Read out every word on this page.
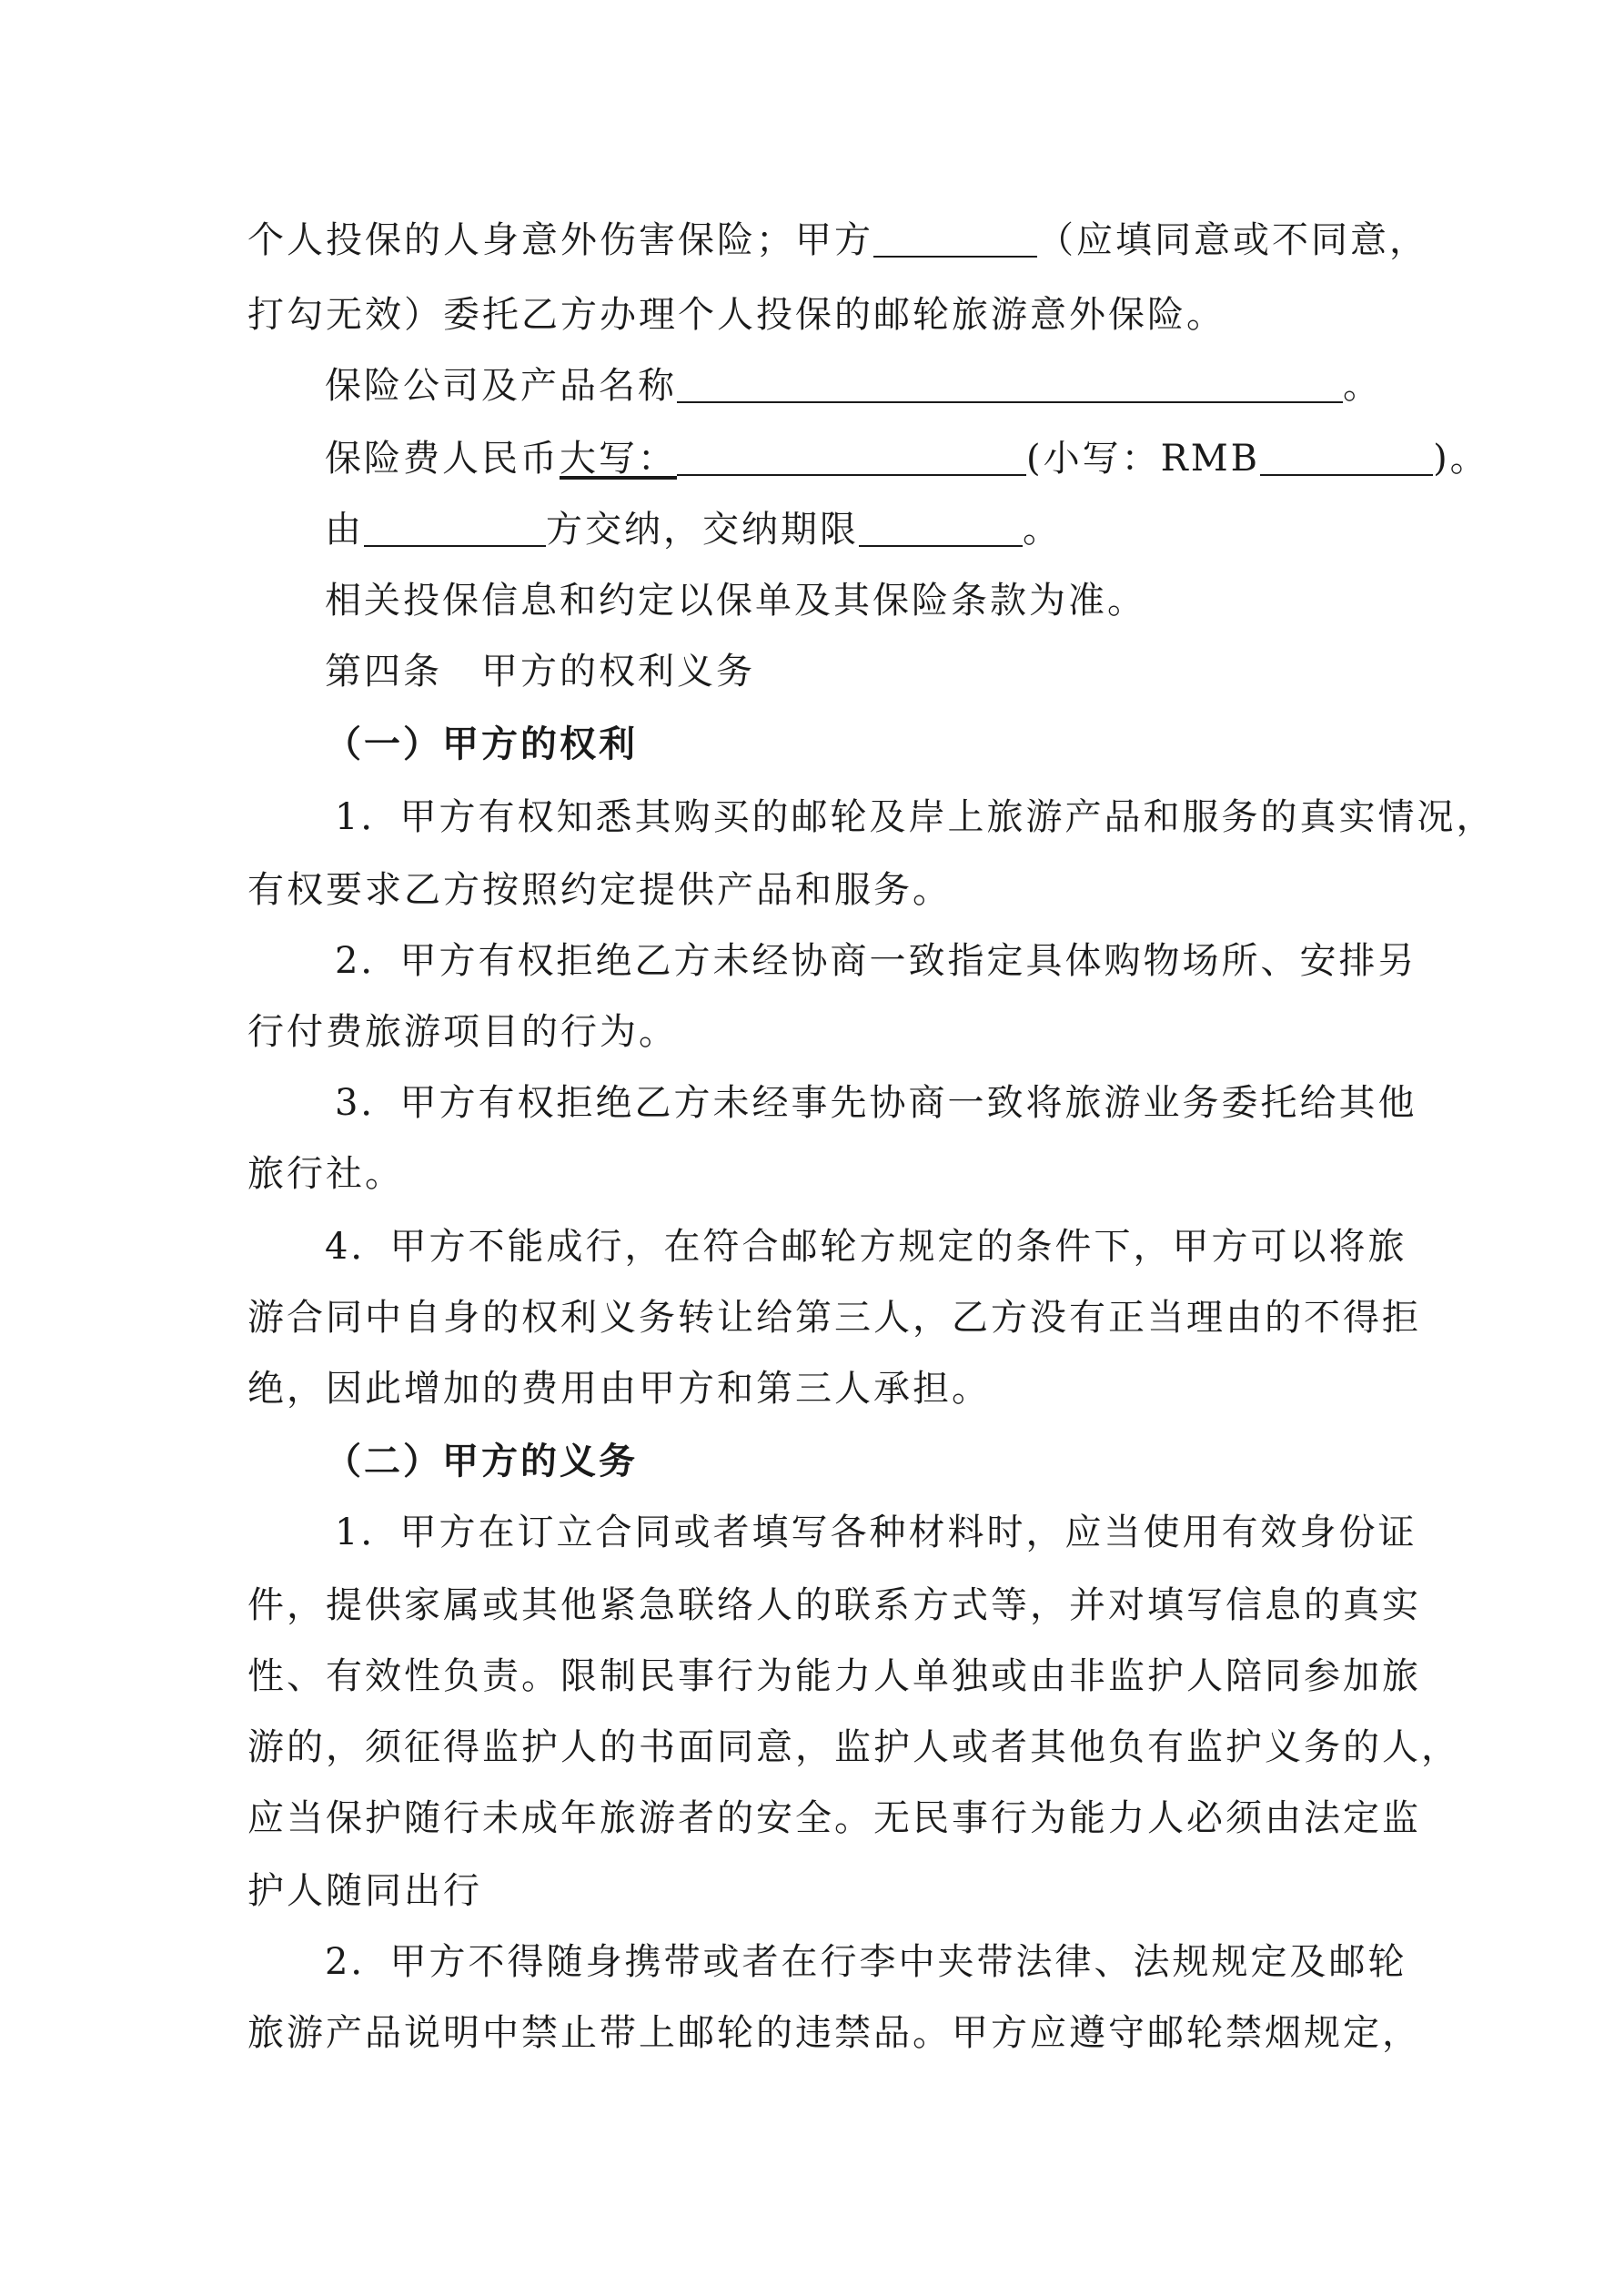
个人投保的人身意外伤害保险；甲方	（应填同意或不同意，
打勾无效）委托乙方办理个人投保的邮轮旅游意外保险。
保险公司及产品名称	。
保险费人民币大写：	(小写：RMB	)。
由	方交纳，交纳期限	。
相关投保信息和约定以保单及其保险条款为准。
第四条　甲方的权利义务
（一）甲方的权利
1．甲方有权知悉其购买的邮轮及岸上旅游产品和服务的真实情况，
有权要求乙方按照约定提供产品和服务。
2．甲方有权拒绝乙方未经协商一致指定具体购物场所、安排另
行付费旅游项目的行为。
3．甲方有权拒绝乙方未经事先协商一致将旅游业务委托给其他
旅行社。
4．甲方不能成行，在符合邮轮方规定的条件下，甲方可以将旅
游合同中自身的权利义务转让给第三人，乙方没有正当理由的不得拒
绝，因此增加的费用由甲方和第三人承担。
（二）甲方的义务
1．甲方在订立合同或者填写各种材料时，应当使用有效身份证
件，提供家属或其他紧急联络人的联系方式等，并对填写信息的真实
性、有效性负责。限制民事行为能力人单独或由非监护人陪同参加旅
游的，须征得监护人的书面同意，监护人或者其他负有监护义务的人，
应当保护随行未成年旅游者的安全。无民事行为能力人必须由法定监
护人随同出行
2．甲方不得随身携带或者在行李中夹带法律、法规规定及邮轮
旅游产品说明中禁止带上邮轮的违禁品。甲方应遵守邮轮禁烟规定，
